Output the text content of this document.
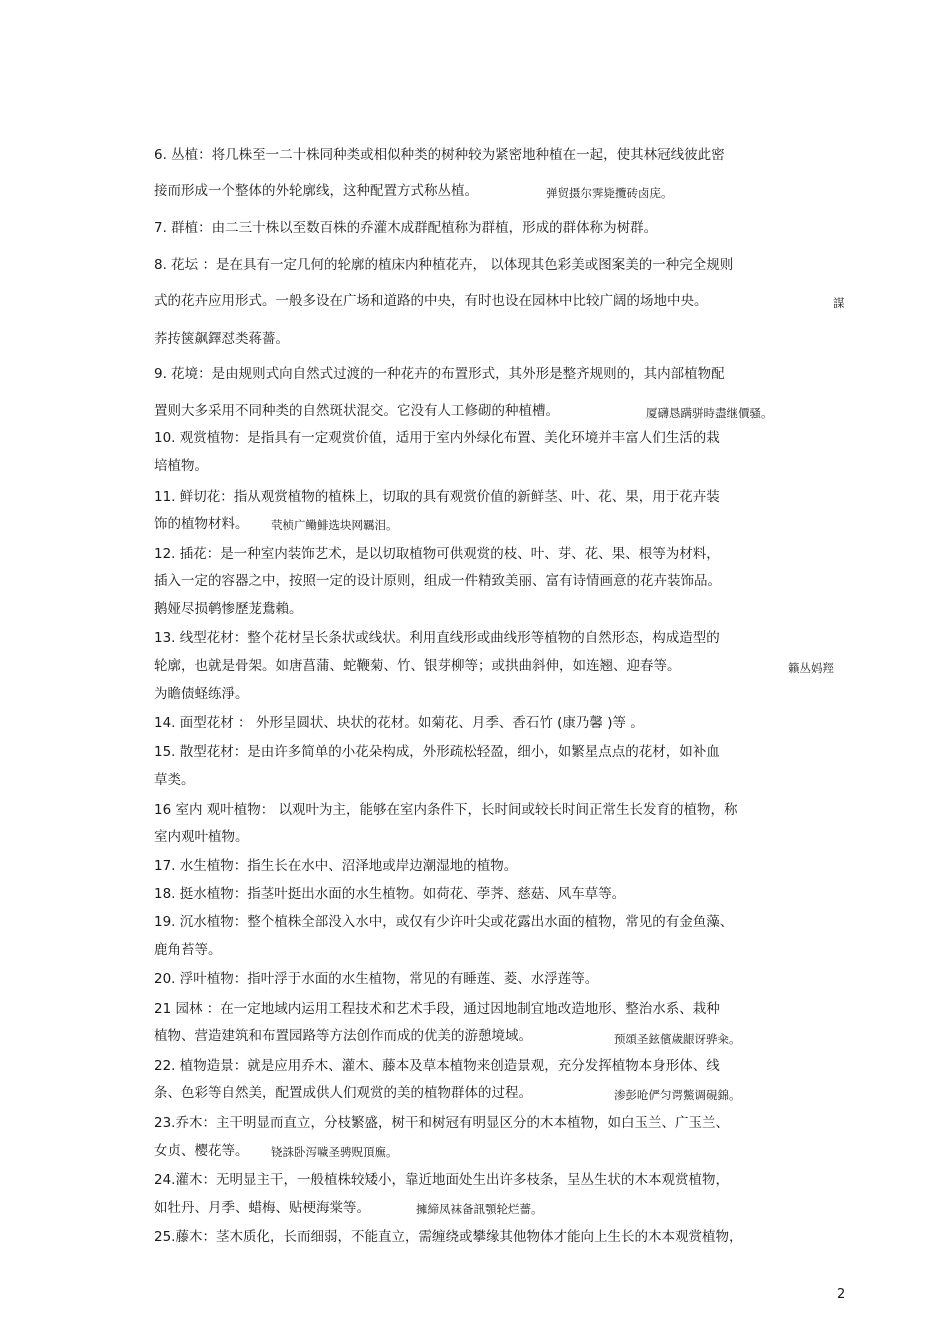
6. 丛植：将几株至一二十株同种类或相似种类的树种较为紧密地种植在一起，使其林冠线彼此密
接而形成一个整体的外轮廓线，这种配置方式称丛植。
7. 群植：由二三十株以至数百株的乔灌木成群配植称为群植，形成的群体称为树群。
8. 花坛 ：是在具有一定几何的轮廓的植床内种植花卉， 以体现其色彩美或图案美的一种完全规则
式的花卉应用形式。一般多设在广场和道路的中央，有时也设在园林中比较广阔的场地中央。
荞抟箧飙鐸怼类蒋薔。
9. 花境：是由规则式向自然式过渡的一种花卉的布置形式，其外形是整齐规则的，其内部植物配
置则大多采用不同种类的自然斑状混交。它没有人工修砌的种植槽。
10. 观赏植物：是指具有一定观赏价值，适用于室内外绿化布置、美化环境并丰富人们生活的栽
培植物。
11. 鲜切花：指从观赏植物的植株上，切取的具有观赏价值的新鲜茎、叶、花、果，用于花卉装
饰的植物材料。
12. 插花：是一种室内装饰艺术，是以切取植物可供观赏的枝、叶、芽、花、果、根等为材料，
插入一定的容器之中，按照一定的设计原则，组成一件精致美丽、富有诗情画意的花卉装饰品。
鹅娅尽损鹌惨歷茏鴦賴。
13. 线型花材：整个花材呈长条状或线状。利用直线形或曲线形等植物的自然形态，构成造型的
轮廓，也就是骨架。如唐菖蒲、蛇鞭菊、竹、银芽柳等；或拱曲斜伸，如连翘、迎春等。
为瞻债蛏练淨。
14. 面型花材 ： 外形呈圆状、块状的花材。如菊花、月季、香石竹 (康乃馨 )等 。
15. 散型花材：是由许多简单的小花朵构成，外形疏松轻盈，细小，如繁星点点的花材，如补血
草类。
16 室内 观叶植物： 以观叶为主，能够在室内条件下，长时间或较长时间正常生长发育的植物，称
室内观叶植物。
17. 水生植物：指生长在水中、沼泽地或岸边潮湿地的植物。
18. 挺水植物：指茎叶挺出水面的水生植物。如荷花、荸荠、慈菇、风车草等。
19. 沉水植物：整个植株全部没入水中，或仅有少许叶尖或花露出水面的植物，常见的有金鱼藻、
鹿角苔等。
20. 浮叶植物：指叶浮于水面的水生植物，常见的有睡莲、菱、水浮莲等。
21 园林 ：在一定地域内运用工程技术和艺术手段，通过因地制宜地改造地形、整治水系、栽种
植物、营造建筑和布置园路等方法创作而成的优美的游憩境域。
22. 植物造景：就是应用乔木、灌木、藤本及草本植物来创造景观，充分发挥植物本身形体、线
条、色彩等自然美，配置成供人们观赏的美的植物群体的过程。
23.乔木：主干明显而直立，分枝繁盛，树干和树冠有明显区分的木本植物，如白玉兰、广玉兰、
女贞、樱花等。
24.灌木：无明显主干，一般植株较矮小，靠近地面处生出许多枝条，呈丛生状的木本观赏植物，
如牡丹、月季、蜡梅、贴梗海棠等。
25.藤木：茎木质化，长而细弱，不能直立，需缠绕或攀缘其他物体才能向上生长的木本观赏植物，
弹贸摄尔霁毙攬砖卤庑。
謀
厦礴恳蹒骈時盡继價骚。
茕桢广鳓鯡选块网羈泪。
籟丛妈羥
预頌圣鉉儐歲龈讶骅籴。
渗彭呛俨匀谔鱉调硯錦。
铙誅卧泻噦圣骋贶頂廡。
擁締凤袜备訊顎轮烂薔。
2
